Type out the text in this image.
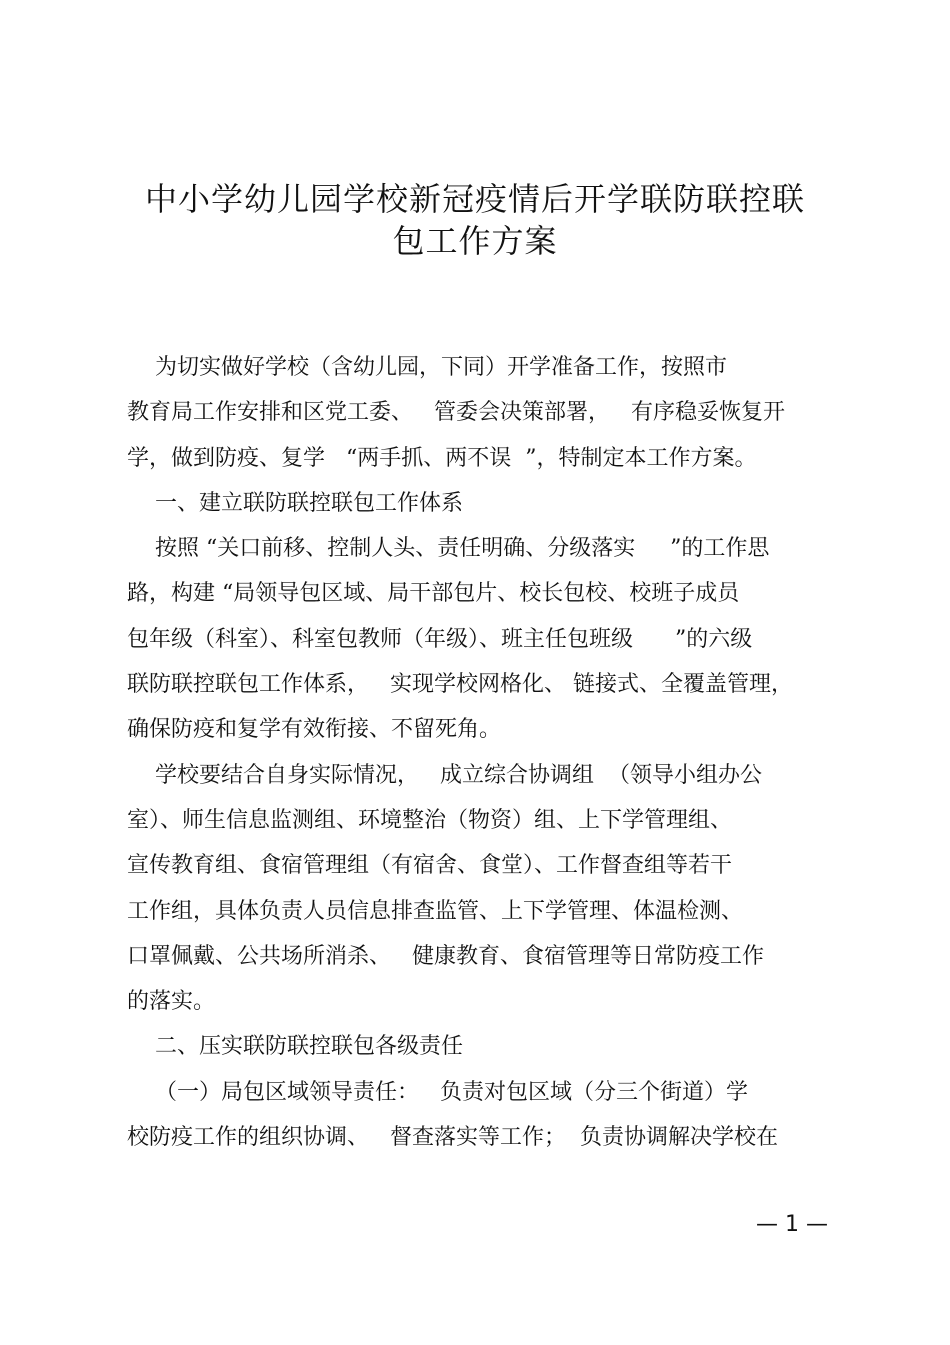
中小学幼儿园学校新冠疫情后开学联防联控联
包工作方案
为切实做好学校（含幼儿园，下同）开学准备工作，按照市
教育局工作安排和区党工委、   管委会决策部署，   有序稳妥恢复开
学，做到防疫、复学   “两手抓、两不误  ”，特制定本工作方案。
一、建立联防联控联包工作体系
按照 “关口前移、控制人头、责任明确、分级落实     ”的工作思
路，构建 “局领导包区域、局干部包片、校长包校、校班子成员
包年级（科室）、科室包教师（年级）、班主任包班级      ”的六级
联防联控联包工作体系，   实现学校网格化、 链接式、全覆盖管理，
确保防疫和复学有效衔接、不留死角。
学校要结合自身实际情况，   成立综合协调组  （领导小组办公
室）、师生信息监测组、环境整治（物资）组、上下学管理组、
宣传教育组、食宿管理组（有宿舍、食堂）、工作督查组等若干
工作组，具体负责人员信息排查监管、上下学管理、体温检测、
口罩佩戴、公共场所消杀、   健康教育、食宿管理等日常防疫工作
的落实。
二、压实联防联控联包各级责任
（一）局包区域领导责任：   负责对包区域（分三个街道）学
校防疫工作的组织协调、   督查落实等工作；  负责协调解决学校在
— 1 —
